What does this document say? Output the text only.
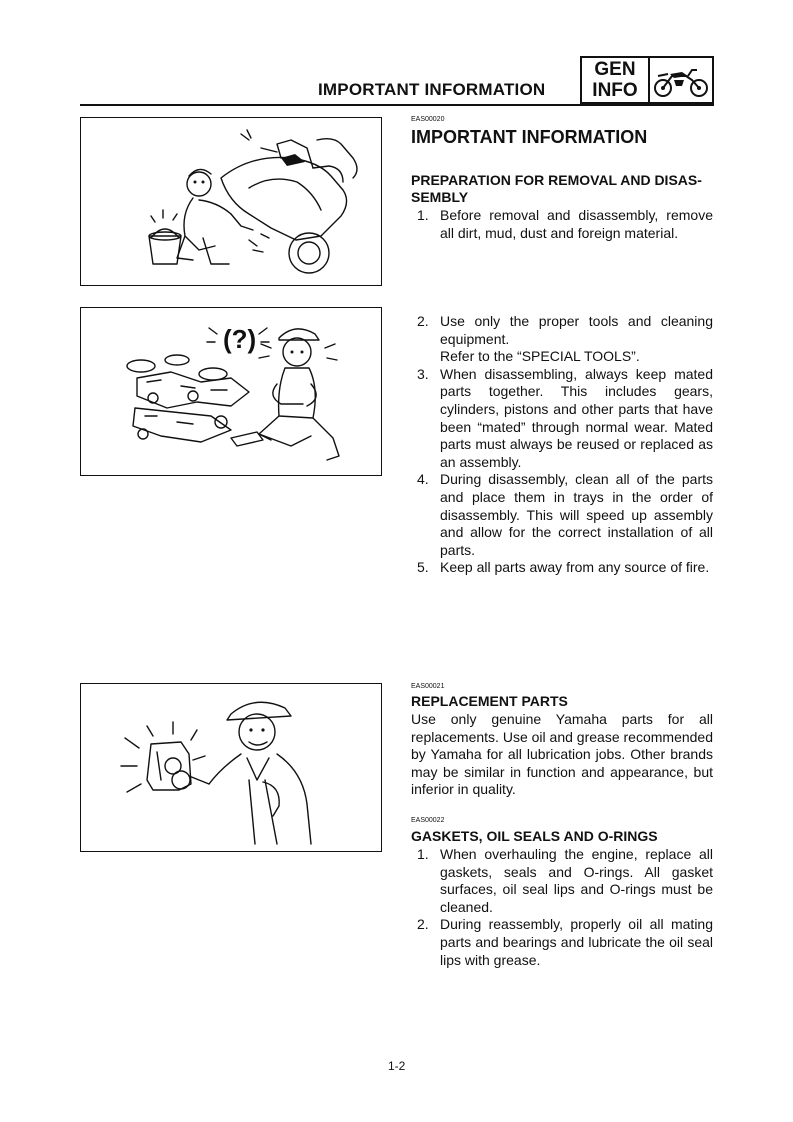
IMPORTANT INFORMATION
GEN
INFO
(?)
EAS00020
IMPORTANT INFORMATION
PREPARATION FOR REMOVAL AND DISAS-
SEMBLY
1. Before removal and disassembly, remove all dirt, mud, dust and foreign material.
2. Use only the proper tools and cleaning equipment.
Refer to the “SPECIAL TOOLS”.
3. When disassembling, always keep mated parts together. This includes gears, cylinders, pistons and other parts that have been “mated” through normal wear. Mated parts must always be reused or replaced as an assembly.
4. During disassembly, clean all of the parts and place them in trays in the order of disassembly. This will speed up assembly and allow for the correct installation of all parts.
5. Keep all parts away from any source of fire.
EAS00021
REPLACEMENT PARTS

Use only genuine Yamaha parts for all replacements. Use oil and grease recommended by Yamaha for all lubrication jobs. Other brands may be similar in function and appearance, but inferior in quality.

EAS00022
GASKETS, OIL SEALS AND O-RINGS
1. When overhauling the engine, replace all gaskets, seals and O-rings. All gasket surfaces, oil seal lips and O-rings must be cleaned.
2. During reassembly, properly oil all mating parts and bearings and lubricate the oil seal lips with grease.
1-2
